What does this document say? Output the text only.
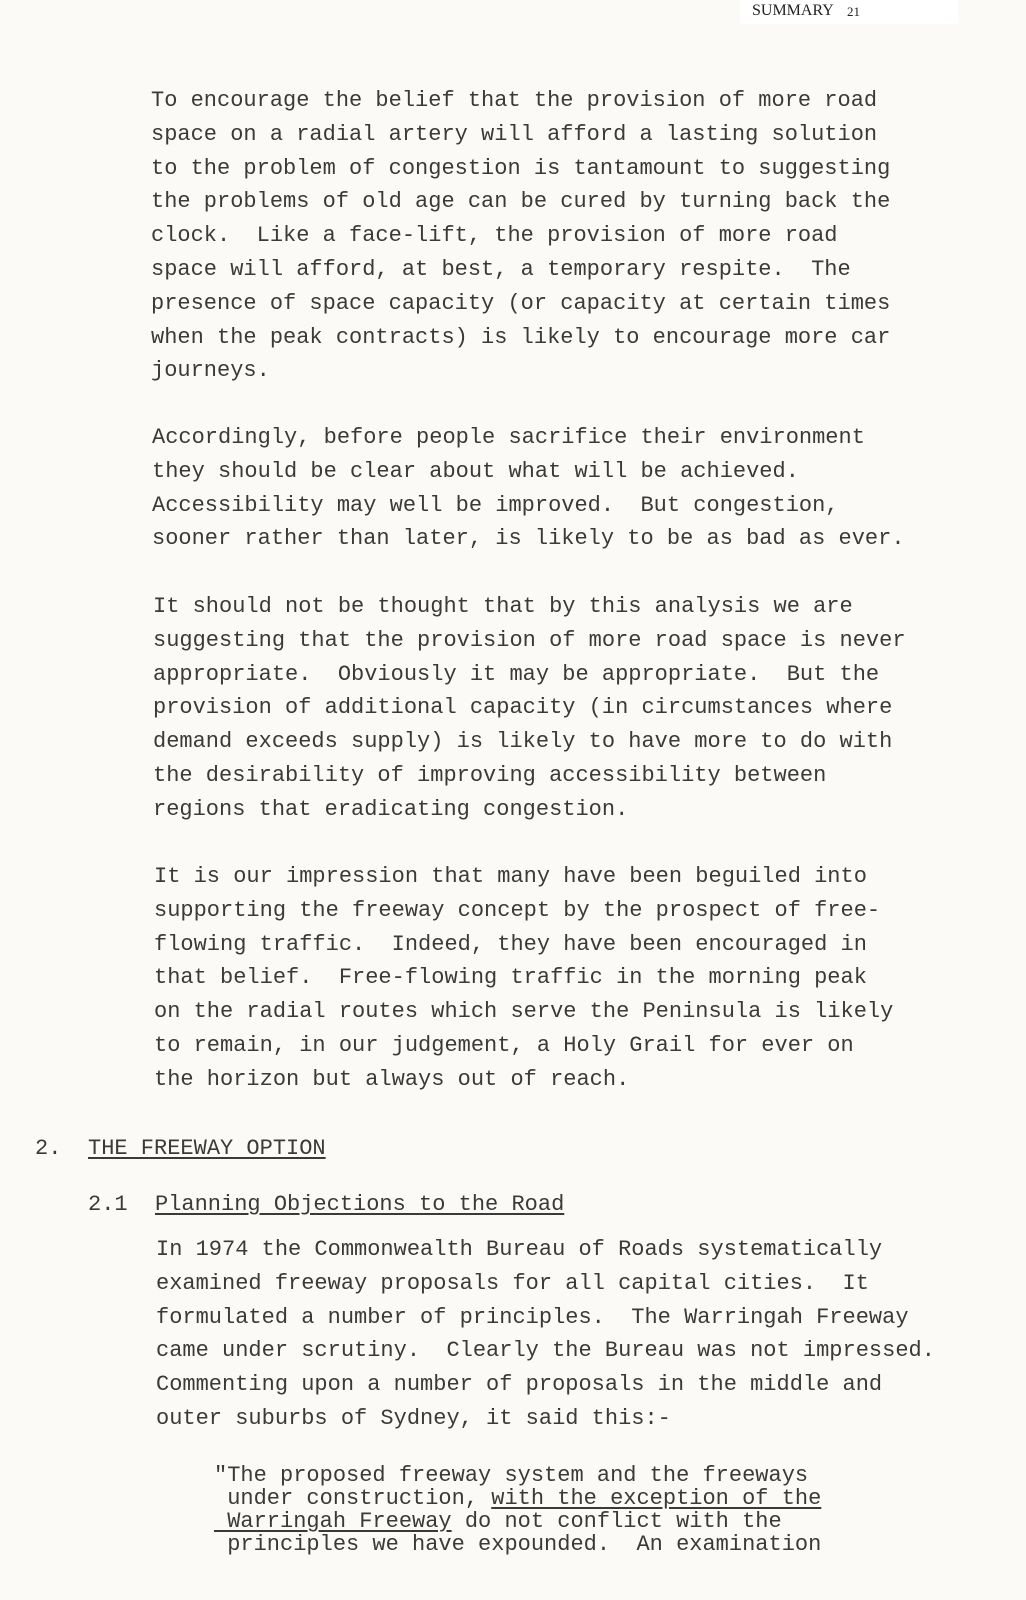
SUMMARY 21
To encourage the belief that the provision of more road
space on a radial artery will afford a lasting solution
to the problem of congestion is tantamount to suggesting
the problems of old age can be cured by turning back the
clock.  Like a face-lift, the provision of more road
space will afford, at best, a temporary respite.  The
presence of space capacity (or capacity at certain times
when the peak contracts) is likely to encourage more car
journeys.
Accordingly, before people sacrifice their environment
they should be clear about what will be achieved.
Accessibility may well be improved.  But congestion,
sooner rather than later, is likely to be as bad as ever.
It should not be thought that by this analysis we are
suggesting that the provision of more road space is never
appropriate.  Obviously it may be appropriate.  But the
provision of additional capacity (in circumstances where
demand exceeds supply) is likely to have more to do with
the desirability of improving accessibility between
regions that eradicating congestion.
It is our impression that many have been beguiled into
supporting the freeway concept by the prospect of free-
flowing traffic.  Indeed, they have been encouraged in
that belief.  Free-flowing traffic in the morning peak
on the radial routes which serve the Peninsula is likely
to remain, in our judgement, a Holy Grail for ever on
the horizon but always out of reach.
2. THE FREEWAY OPTION
2.1 Planning Objections to the Road
In 1974 the Commonwealth Bureau of Roads systematically
examined freeway proposals for all capital cities.  It
formulated a number of principles.  The Warringah Freeway
came under scrutiny.  Clearly the Bureau was not impressed.
Commenting upon a number of proposals in the middle and
outer suburbs of Sydney, it said this:-
"The proposed freeway system and the freeways
under construction, with the exception of the
Warringah Freeway do not conflict with the
principles we have expounded.  An examination
